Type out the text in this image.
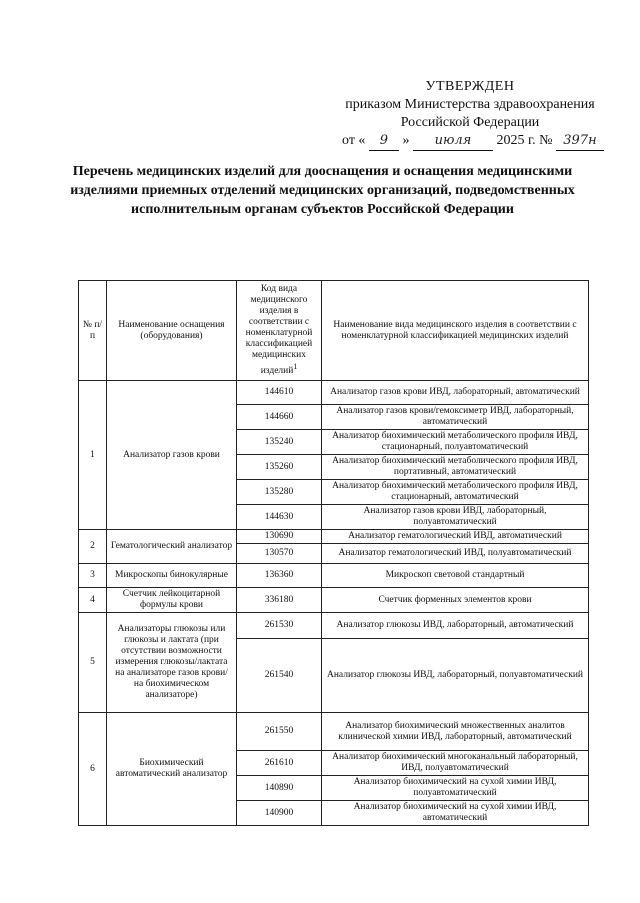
УТВЕРЖДЕН
приказом Министерства здравоохранения
Российской Федерации
от « 9 » июля 2025 г. № 397н
Перечень медицинских изделий для дооснащения и оснащения медицинскими изделиями приемных отделений медицинских организаций, подведомственных исполнительным органам субъектов Российской Федерации
№ п/п	Наименование оснащения (оборудования)	Код вида медицинского изделия в соответствии с номенклатурной классификацией медицинских изделий$^1$	Наименование вида медицинского изделия в соответствии с номенклатурной классификацией медицинских изделий
1	Анализатор газов крови	144610	Анализатор газов крови ИВД, лабораторный, автоматический
		144660	Анализатор газов крови/гемоксиметр ИВД, лабораторный, автоматический
		135240	Анализатор биохимический метаболического профиля ИВД, стационарный, полуавтоматический
		135260	Анализатор биохимический метаболического профиля ИВД, портативный, автоматический
		135280	Анализатор биохимический метаболического профиля ИВД, стационарный, автоматический
		144630	Анализатор газов крови ИВД, лабораторный, полуавтоматический
2	Гематологический анализатор	130690	Анализатор гематологический ИВД, автоматический
		130570	Анализатор гематологический ИВД, полуавтоматический
3	Микроскопы бинокулярные	136360	Микроскоп световой стандартный
4	Счетчик лейкоцитарной формулы крови	336180	Счетчик форменных элементов крови
5	Анализаторы глюкозы или глюкозы и лактата (при отсутствии возможности измерения глюкозы/лактата на анализаторе газов крови/ на биохимическом анализаторе)	261530	Анализатор глюкозы ИВД, лабораторный, автоматический
		261540	Анализатор глюкозы ИВД, лабораторный, полуавтоматический
6	Биохимический автоматический анализатор	261550	Анализатор биохимический множественных аналитов клинической химии ИВД, лабораторный, автоматический
		261610	Анализатор биохимический многоканальный лабораторный, ИВД, полуавтоматический
		140890	Анализатор биохимический на сухой химии ИВД, полуавтоматический
		140900	Анализатор биохимический на сухой химии ИВД, автоматический
